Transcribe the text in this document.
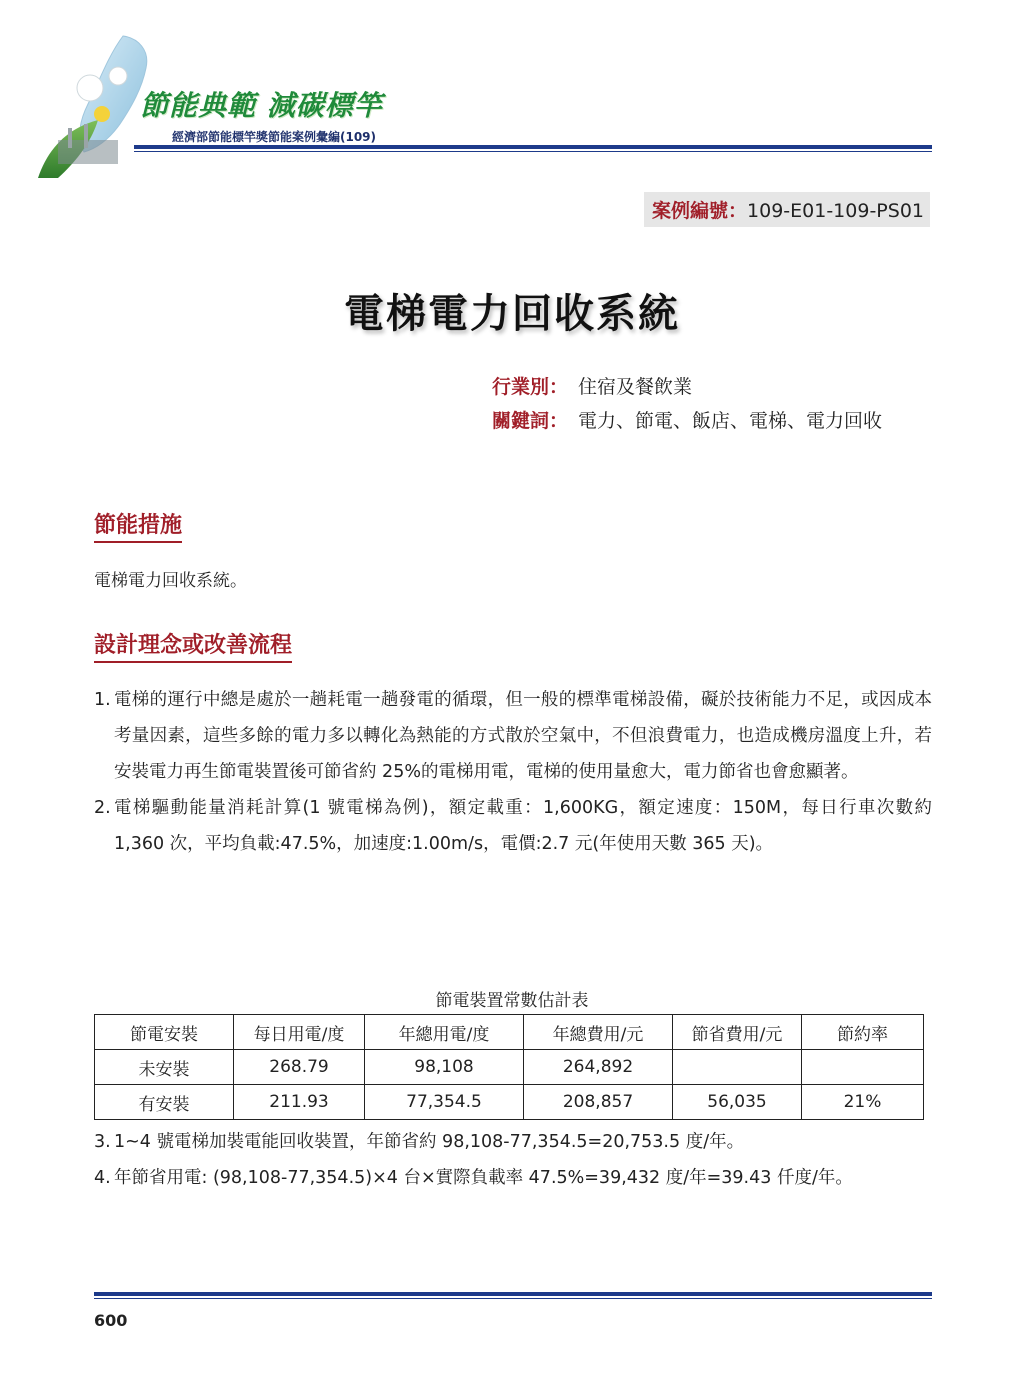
節能典範 減碳標竿
經濟部節能標竿獎節能案例彙編(109)
案例編號：109-E01-109-PS01
電梯電力回收系統
行業別： 住宿及餐飲業
關鍵詞： 電力、節電、飯店、電梯、電力回收
節能措施
電梯電力回收系統。
設計理念或改善流程
1. 電梯的運行中總是處於一趟耗電一趟發電的循環，但一般的標準電梯設備，礙於技術能力不足，或因成本考量因素，這些多餘的電力多以轉化為熱能的方式散於空氣中，不但浪費電力，也造成機房溫度上升，若安裝電力再生節電裝置後可節省約 25%的電梯用電，電梯的使用量愈大，電力節省也會愈顯著。
2. 電梯驅動能量消耗計算(1 號電梯為例)，額定載重：1,600KG，額定速度：150M，每日行車次數約 1,360 次，平均負載:47.5%，加速度:1.00m/s，電價:2.7 元(年使用天數 365 天)。
節電裝置常數估計表
節電安裝	每日用電/度	年總用電/度	年總費用/元	節省費用/元	節約率
未安裝	268.79	98,108	264,892		
有安裝	211.93	77,354.5	208,857	56,035	21%
3. 1~4 號電梯加裝電能回收裝置，年節省約 98,108-77,354.5=20,753.5 度/年。
4. 年節省用電: (98,108-77,354.5)×4 台×實際負載率 47.5%=39,432 度/年=39.43 仟度/年。
600
